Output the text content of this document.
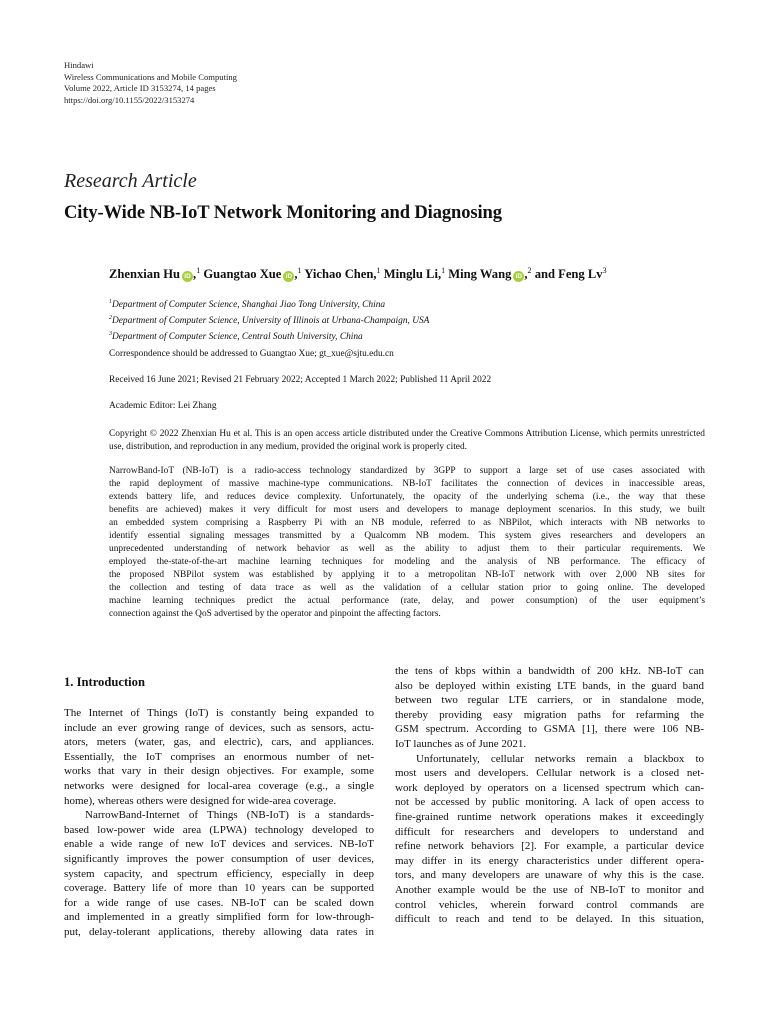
Hindawi
Wireless Communications and Mobile Computing
Volume 2022, Article ID 3153274, 14 pages
https://doi.org/10.1155/2022/3153274
Research Article
City-Wide NB-IoT Network Monitoring and Diagnosing
Zhenxian Hu iD ,$^1$ Guangtao Xue iD ,$^1$ Yichao Chen,$^1$ Minglu Li,$^1$ Ming Wang iD ,$^2$ and Feng Lv$^3$
$^1$Department of Computer Science, Shanghai Jiao Tong University, China
$^2$Department of Computer Science, University of Illinois at Urbana-Champaign, USA
$^3$Department of Computer Science, Central South University, China
Correspondence should be addressed to Guangtao Xue; gt_xue@sjtu.edu.cn
Received 16 June 2021; Revised 21 February 2022; Accepted 1 March 2022; Published 11 April 2022
Academic Editor: Lei Zhang
Copyright © 2022 Zhenxian Hu et al. This is an open access article distributed under the Creative Commons Attribution License, which permits unrestricted use, distribution, and reproduction in any medium, provided the original work is properly cited.
NarrowBand-IoT (NB-IoT) is a radio-access technology standardized by 3GPP to support a large set of use cases associated with
the rapid deployment of massive machine-type communications. NB-IoT facilitates the connection of devices in inaccessible areas,
extends battery life, and reduces device complexity. Unfortunately, the opacity of the underlying schema (i.e., the way that these
benefits are achieved) makes it very difficult for most users and developers to manage deployment scenarios. In this study, we built
an embedded system comprising a Raspberry Pi with an NB module, referred to as NBPilot, which interacts with NB networks to
identify essential signaling messages transmitted by a Qualcomm NB modem. This system gives researchers and developers an
unprecedented understanding of network behavior as well as the ability to adjust them to their particular requirements. We
employed the-state-of-the-art machine learning techniques for modeling and the analysis of NB performance. The efficacy of
the proposed NBPilot system was established by applying it to a metropolitan NB-IoT network with over 2,000 NB sites for
the collection and testing of data trace as well as the validation of a cellular station prior to going online. The developed
machine learning techniques predict the actual performance (rate, delay, and power consumption) of the user equipment’s
connection against the QoS advertised by the operator and pinpoint the affecting factors.
1. Introduction
The Internet of Things (IoT) is constantly being expanded to
include an ever growing range of devices, such as sensors, actu-
ators, meters (water, gas, and electric), cars, and appliances.
Essentially, the IoT comprises an enormous number of net-
works that vary in their design objectives. For example, some
networks were designed for local-area coverage (e.g., a single
home), whereas others were designed for wide-area coverage.
NarrowBand-Internet of Things (NB-IoT) is a standards-
based low-power wide area (LPWA) technology developed to
enable a wide range of new IoT devices and services. NB-IoT
significantly improves the power consumption of user devices,
system capacity, and spectrum efficiency, especially in deep
coverage. Battery life of more than 10 years can be supported
for a wide range of use cases. NB-IoT can be scaled down
and implemented in a greatly simplified form for low-through-
put, delay-tolerant applications, thereby allowing data rates in
the tens of kbps within a bandwidth of 200 kHz. NB-IoT can
also be deployed within existing LTE bands, in the guard band
between two regular LTE carriers, or in standalone mode,
thereby providing easy migration paths for refarming the
GSM spectrum. According to GSMA [1], there were 106 NB-
IoT launches as of June 2021.
Unfortunately, cellular networks remain a blackbox to
most users and developers. Cellular network is a closed net-
work deployed by operators on a licensed spectrum which can-
not be accessed by public monitoring. A lack of open access to
fine-grained runtime network operations makes it exceedingly
difficult for researchers and developers to understand and
refine network behaviors [2]. For example, a particular device
may differ in its energy characteristics under different opera-
tors, and many developers are unaware of why this is the case.
Another example would be the use of NB-IoT to monitor and
control vehicles, wherein forward control commands are
difficult to reach and tend to be delayed. In this situation,
